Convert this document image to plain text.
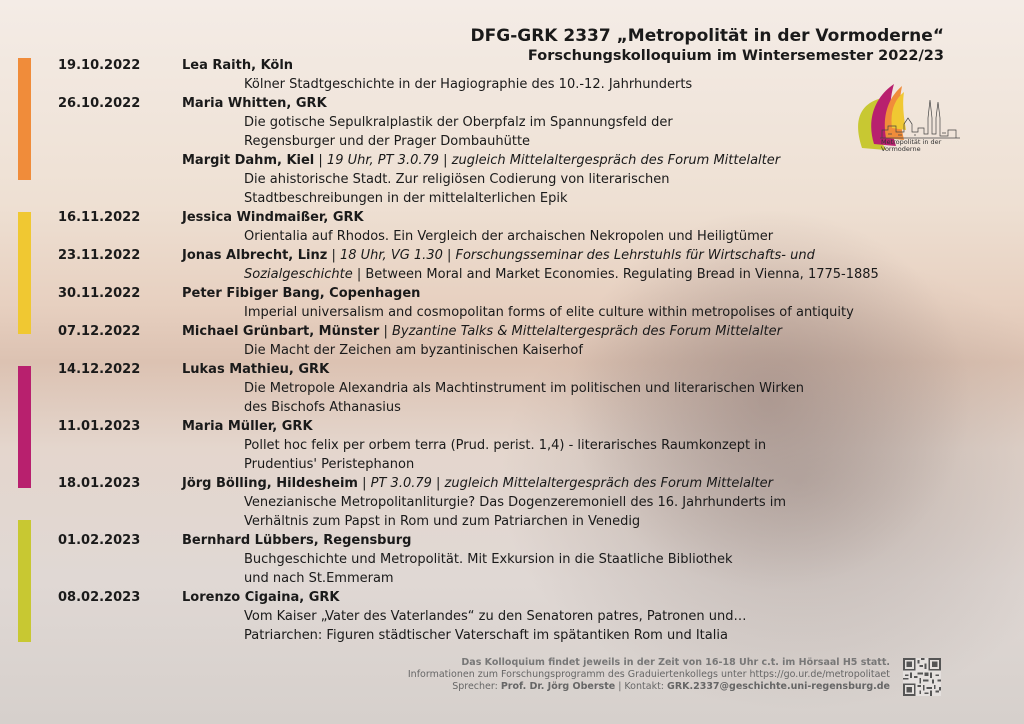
DFG-GRK 2337 „Metropolität in der Vormoderne“
Forschungskolloquium im Wintersemester 2022/23
Metropolität in der Vormoderne
19.10.2022	Lea Raith, Köln
Kölner Stadtgeschichte in der Hagiographie des 10.-12. Jahrhunderts
26.10.2022	Maria Whitten, GRK
Die gotische Sepulkralplastik der Oberpfalz im Spannungsfeld der
Regensburger und der Prager Dombauhütte
Margit Dahm, Kiel | 19 Uhr, PT 3.0.79 | zugleich Mittelaltergespräch des Forum Mittelalter
Die ahistorische Stadt. Zur religiösen Codierung von literarischen
Stadtbeschreibungen in der mittelalterlichen Epik
16.11.2022	Jessica Windmaißer, GRK
Orientalia auf Rhodos. Ein Vergleich der archaischen Nekropolen und Heiligtümer
23.11.2022	Jonas Albrecht, Linz | 18 Uhr, VG 1.30 | Forschungsseminar des Lehrstuhls für Wirtschafts- und
Sozialgeschichte | Between Moral and Market Economies. Regulating Bread in Vienna, 1775-1885
30.11.2022	Peter Fibiger Bang, Copenhagen
Imperial universalism and cosmopolitan forms of elite culture within metropolises of antiquity
07.12.2022	Michael Grünbart, Münster | Byzantine Talks & Mittelaltergespräch des Forum Mittelalter
Die Macht der Zeichen am byzantinischen Kaiserhof
14.12.2022	Lukas Mathieu, GRK
Die Metropole Alexandria als Machtinstrument im politischen und literarischen Wirken
des Bischofs Athanasius
11.01.2023	Maria Müller, GRK
Pollet hoc felix per orbem terra (Prud. perist. 1,4) - literarisches Raumkonzept in
Prudentius' Peristephanon
18.01.2023	Jörg Bölling, Hildesheim | PT 3.0.79 | zugleich Mittelaltergespräch des Forum Mittelalter
Venezianische Metropolitanliturgie? Das Dogenzeremoniell des 16. Jahrhunderts im
Verhältnis zum Papst in Rom und zum Patriarchen in Venedig
01.02.2023	Bernhard Lübbers, Regensburg
Buchgeschichte und Metropolität. Mit Exkursion in die Staatliche Bibliothek
und nach St.Emmeram
08.02.2023	Lorenzo Cigaina, GRK
Vom Kaiser „Vater des Vaterlandes“ zu den Senatoren patres, Patronen und…
Patriarchen: Figuren städtischer Vaterschaft im spätantiken Rom und Italia
Das Kolloquium findet jeweils in der Zeit von 16-18 Uhr c.t. im Hörsaal H5 statt.
Informationen zum Forschungsprogramm des Graduiertenkollegs unter https://go.ur.de/metropolitaet
Sprecher: Prof. Dr. Jörg Oberste | Kontakt: GRK.2337@geschichte.uni-regensburg.de
